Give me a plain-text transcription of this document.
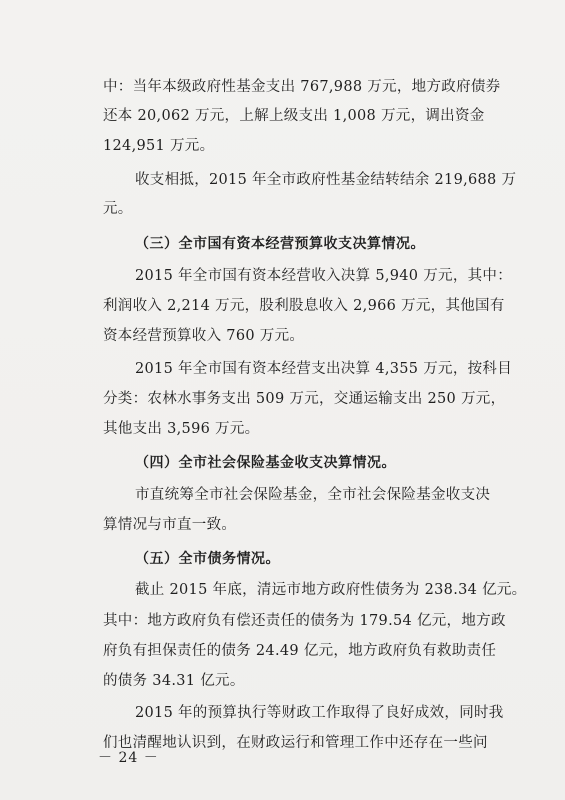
中：当年本级政府性基金支出 767,988 万元，地方政府债券
还本 20,062 万元，上解上级支出 1,008 万元，调出资金
124,951 万元。
收支相抵，2015 年全市政府性基金结转结余 219,688 万
元。
（三）全市国有资本经营预算收支决算情况。
2015 年全市国有资本经营收入决算 5,940 万元，其中：
利润收入 2,214 万元，股利股息收入 2,966 万元，其他国有
资本经营预算收入 760 万元。
2015 年全市国有资本经营支出决算 4,355 万元，按科目
分类：农林水事务支出 509 万元，交通运输支出 250 万元，
其他支出 3,596 万元。
（四）全市社会保险基金收支决算情况。
市直统筹全市社会保险基金，全市社会保险基金收支决
算情况与市直一致。
（五）全市债务情况。
截止 2015 年底，清远市地方政府性债务为 238.34 亿元。
其中：地方政府负有偿还责任的债务为 179.54 亿元，地方政
府负有担保责任的债务 24.49 亿元，地方政府负有救助责任
的债务 34.31 亿元。
2015 年的预算执行等财政工作取得了良好成效，同时我
们也清醒地认识到，在财政运行和管理工作中还存在一些问
－ 24 －
